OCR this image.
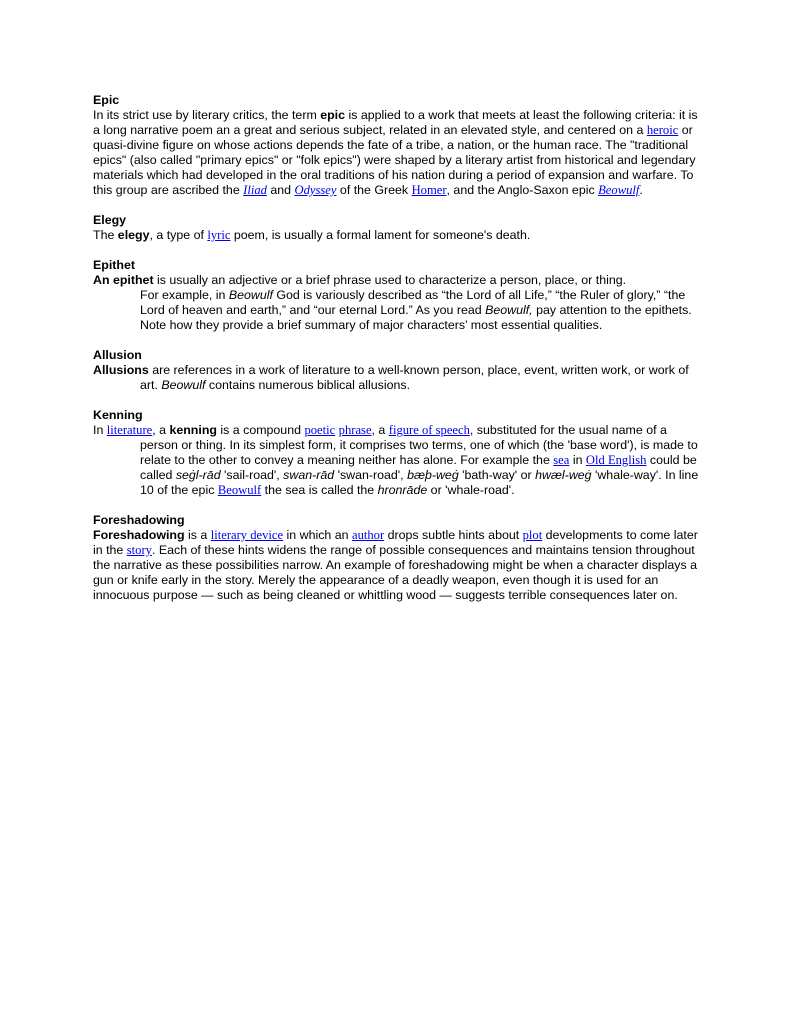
Epic
In its strict use by literary critics, the term epic is applied to a work that meets at least the following criteria: it is a long narrative poem an a great and serious subject, related in an elevated style, and centered on a heroic or quasi-divine figure on whose actions depends the fate of a tribe, a nation, or the human race. The "traditional epics" (also called "primary epics" or "folk epics") were shaped by a literary artist from historical and legendary materials which had developed in the oral traditions of his nation during a period of expansion and warfare. To this group are ascribed the Iliad and Odyssey of the Greek Homer, and the Anglo-Saxon epic Beowulf.
Elegy
The elegy, a type of lyric poem, is usually a formal lament for someone's death.
Epithet
An epithet is usually an adjective or a brief phrase used to characterize a person, place, or thing.
For example, in Beowulf God is variously described as “the Lord of all Life,” “the Ruler of glory,” “the Lord of heaven and earth,” and “our eternal Lord.” As you read Beowulf, pay attention to the epithets. Note how they provide a brief summary of major characters’ most essential qualities.
Allusion
Allusions are references in a work of literature to a well-known person, place, event, written work, or work of art. Beowulf contains numerous biblical allusions.
Kenning
In literature, a kenning is a compound poetic phrase, a figure of speech, substituted for the usual name of a person or thing. In its simplest form, it comprises two terms, one of which (the 'base word'), is made to relate to the other to convey a meaning neither has alone. For example the sea in Old English could be called seġl-rād 'sail-road', swan-rād 'swan-road', bæþ-weġ 'bath-way' or hwæl-weġ 'whale-way'. In line 10 of the epic Beowulf the sea is called the hronrāde or 'whale-road'.
Foreshadowing
Foreshadowing is a literary device in which an author drops subtle hints about plot developments to come later in the story. Each of these hints widens the range of possible consequences and maintains tension throughout the narrative as these possibilities narrow. An example of foreshadowing might be when a character displays a gun or knife early in the story. Merely the appearance of a deadly weapon, even though it is used for an innocuous purpose — such as being cleaned or whittling wood — suggests terrible consequences later on.
